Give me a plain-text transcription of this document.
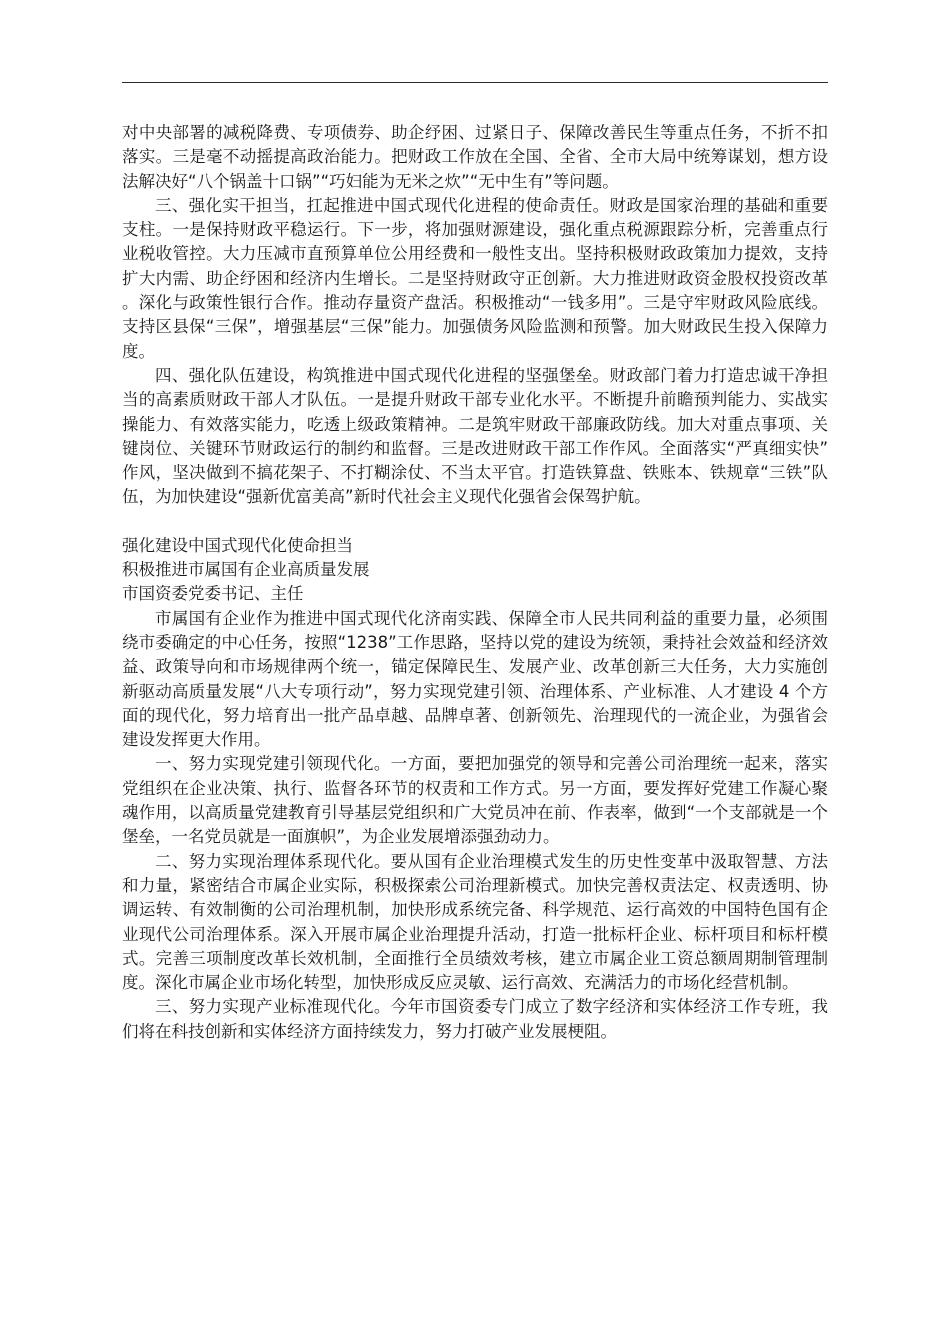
对中央部署的减税降费、专项债券、助企纾困、过紧日子、保障改善民生等重点任务，不折不扣落实。三是毫不动摇提高政治能力。把财政工作放在全国、全省、全市大局中统筹谋划，想方设法解决好“八个锅盖十口锅”“巧妇能为无米之炊”“无中生有”等问题。

三、强化实干担当，扛起推进中国式现代化进程的使命责任。财政是国家治理的基础和重要支柱。一是保持财政平稳运行。下一步，将加强财源建设，强化重点税源跟踪分析，完善重点行业税收管控。大力压减市直预算单位公用经费和一般性支出。坚持积极财政政策加力提效，支持扩大内需、助企纾困和经济内生增长。二是坚持财政守正创新。大力推进财政资金股权投资改革。深化与政策性银行合作。推动存量资产盘活。积极推动“一钱多用”。三是守牢财政风险底线。支持区县保“三保”，增强基层“三保”能力。加强债务风险监测和预警。加大财政民生投入保障力度。

四、强化队伍建设，构筑推进中国式现代化进程的坚强堡垒。财政部门着力打造忠诚干净担当的高素质财政干部人才队伍。一是提升财政干部专业化水平。不断提升前瞻预判能力、实战实操能力、有效落实能力，吃透上级政策精神。二是筑牢财政干部廉政防线。加大对重点事项、关键岗位、关键环节财政运行的制约和监督。三是改进财政干部工作作风。全面落实“严真细实快”作风，坚决做到不搞花架子、不打糊涂仗、不当太平官。打造铁算盘、铁账本、铁规章“三铁”队伍，为加快建设“强新优富美高”新时代社会主义现代化强省会保驾护航。

强化建设中国式现代化使命担当

积极推进市属国有企业高质量发展

市国资委党委书记、主任

市属国有企业作为推进中国式现代化济南实践、保障全市人民共同利益的重要力量，必须围绕市委确定的中心任务，按照“1238”工作思路，坚持以党的建设为统领，秉持社会效益和经济效益、政策导向和市场规律两个统一，锚定保障民生、发展产业、改革创新三大任务，大力实施创新驱动高质量发展“八大专项行动”，努力实现党建引领、治理体系、产业标准、人才建设 4 个方面的现代化，努力培育出一批产品卓越、品牌卓著、创新领先、治理现代的一流企业，为强省会建设发挥更大作用。

一、努力实现党建引领现代化。一方面，要把加强党的领导和完善公司治理统一起来，落实党组织在企业决策、执行、监督各环节的权责和工作方式。另一方面，要发挥好党建工作凝心聚魂作用，以高质量党建教育引导基层党组织和广大党员冲在前、作表率，做到“一个支部就是一个堡垒，一名党员就是一面旗帜”，为企业发展增添强劲动力。

二、努力实现治理体系现代化。要从国有企业治理模式发生的历史性变革中汲取智慧、方法和力量，紧密结合市属企业实际，积极探索公司治理新模式。加快完善权责法定、权责透明、协调运转、有效制衡的公司治理机制，加快形成系统完备、科学规范、运行高效的中国特色国有企业现代公司治理体系。深入开展市属企业治理提升活动，打造一批标杆企业、标杆项目和标杆模式。完善三项制度改革长效机制，全面推行全员绩效考核，建立市属企业工资总额周期制管理制度。深化市属企业市场化转型，加快形成反应灵敏、运行高效、充满活力的市场化经营机制。

三、努力实现产业标准现代化。今年市国资委专门成立了数字经济和实体经济工作专班，我们将在科技创新和实体经济方面持续发力，努力打破产业发展梗阻。
